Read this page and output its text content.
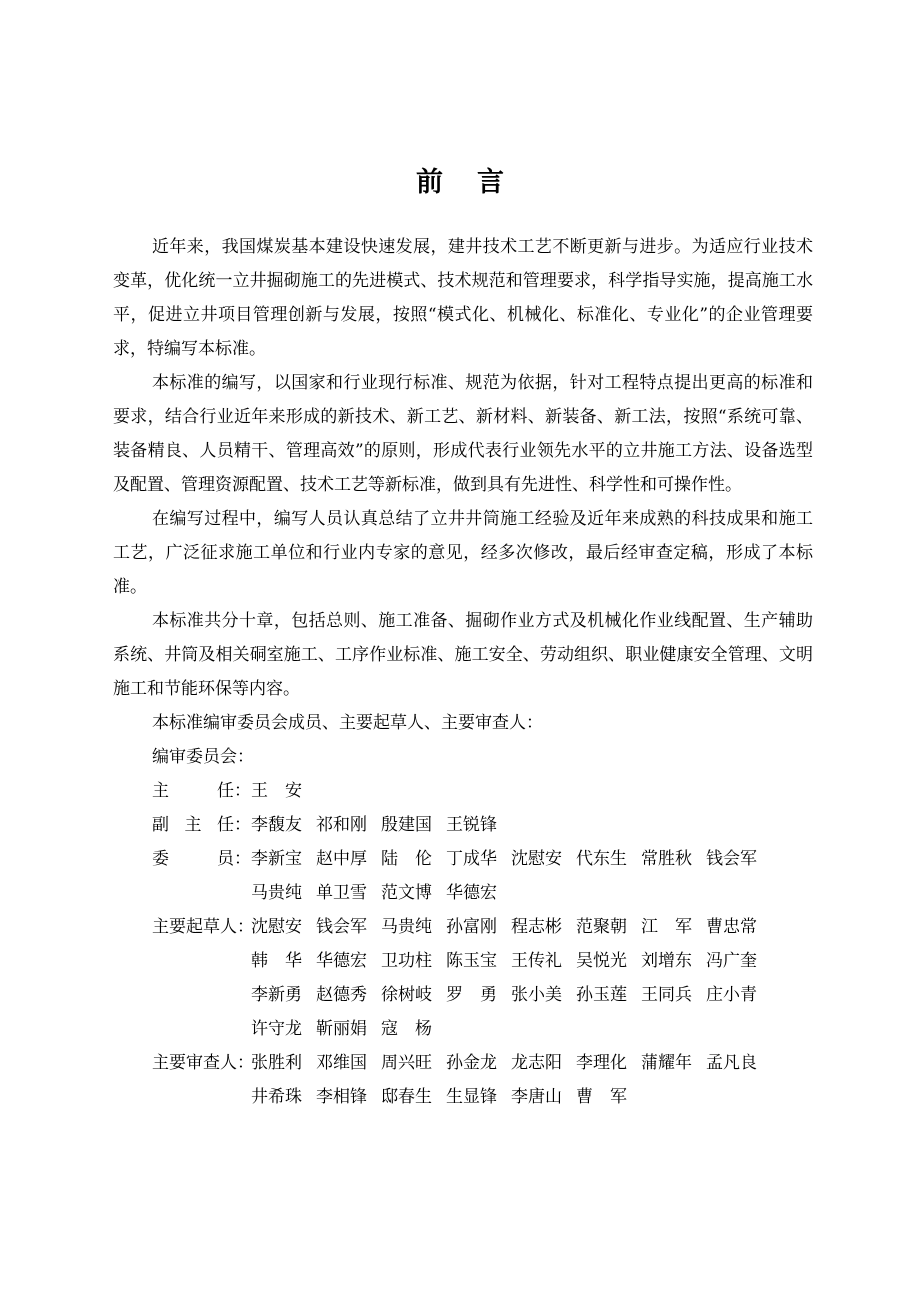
前 言

近年来，我国煤炭基本建设快速发展，建井技术工艺不断更新与进步。为适应行业技术变革，优化统一立井掘砌施工的先进模式、技术规范和管理要求，科学指导实施，提高施工水平，促进立井项目管理创新与发展，按照“模式化、机械化、标准化、专业化”的企业管理要求，特编写本标准。

本标准的编写，以国家和行业现行标准、规范为依据，针对工程特点提出更高的标准和要求，结合行业近年来形成的新技术、新工艺、新材料、新装备、新工法，按照“系统可靠、装备精良、人员精干、管理高效”的原则，形成代表行业领先水平的立井施工方法、设备选型及配置、管理资源配置、技术工艺等新标准，做到具有先进性、科学性和可操作性。

在编写过程中，编写人员认真总结了立井井筒施工经验及近年来成熟的科技成果和施工工艺，广泛征求施工单位和行业内专家的意见，经多次修改，最后经审查定稿，形成了本标准。

本标准共分十章，包括总则、施工准备、掘砌作业方式及机械化作业线配置、生产辅助系统、井筒及相关硐室施工、工序作业标准、施工安全、劳动组织、职业健康安全管理、文明施工和节能环保等内容。

本标准编审委员会成员、主要起草人、主要审查人：
编审委员会：
主	任： 王　安
副 主 任： 李馥友 祁和刚 殷建国 王锐锋
委	员： 李新宝 赵中厚 陆　伦 丁成华 沈慰安 代东生 常胜秋 钱会军
马贵纯 单卫雪 范文博 华德宏
主要起草人：
沈慰安 钱会军 马贵纯 孙富刚 程志彬 范聚朝 江　军 曹忠常
韩　华 华德宏 卫功柱 陈玉宝 王传礼 吴悦光 刘增东 冯广奎
李新勇 赵德秀 徐树岐 罗　勇 张小美 孙玉莲 王同兵 庄小青
许守龙 靳丽娟 寇　杨
主要审查人：
张胜利 邓维国 周兴旺 孙金龙 龙志阳 李理化 蒲耀年 孟凡良
井希珠 李相锋 邸春生 生显锋 李唐山 曹　军
